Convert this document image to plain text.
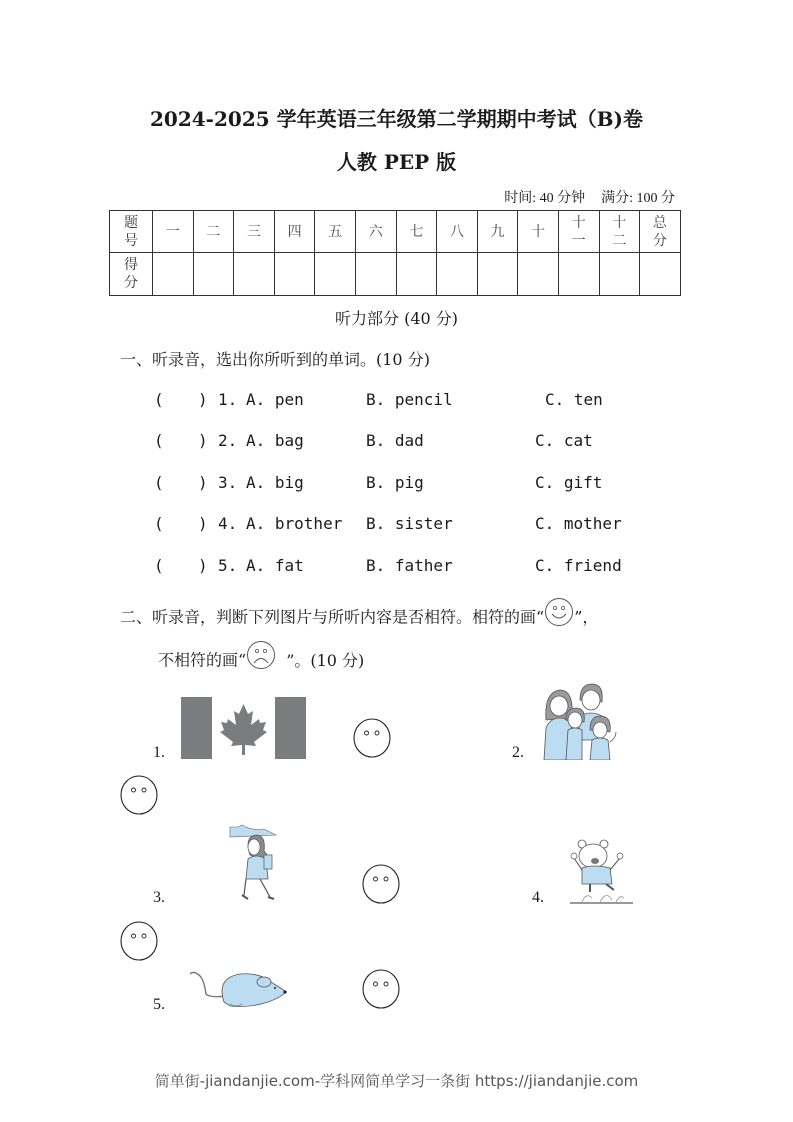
2024-2025 学年英语三年级第二学期期中考试（B)卷
人教 PEP 版
时间: 40 分钟 满分: 100 分
题号	一	二	三	四	五	六	七	八	九	十	十一	十二	总分
得分													
听力部分 (40 分)
一、听录音，选出你所听到的单词。(10 分)
( ) 1. A. pen	B. pencil	C. ten
( ) 2. A. bag	B. dad	C. cat
( ) 3. A. big	B. pig	C. gift
( ) 4. A. brother B. sister	C. mother
( ) 5. A. fat	B. father	C. friend
二、听录音，判断下列图片与所听内容是否相符。相符的画“ ”，
不相符的画“	”。(10 分)
1.	2.
3.	4.
5.
简单街-jiandanjie.com-学科网简单学习一条街 https://jiandanjie.com
